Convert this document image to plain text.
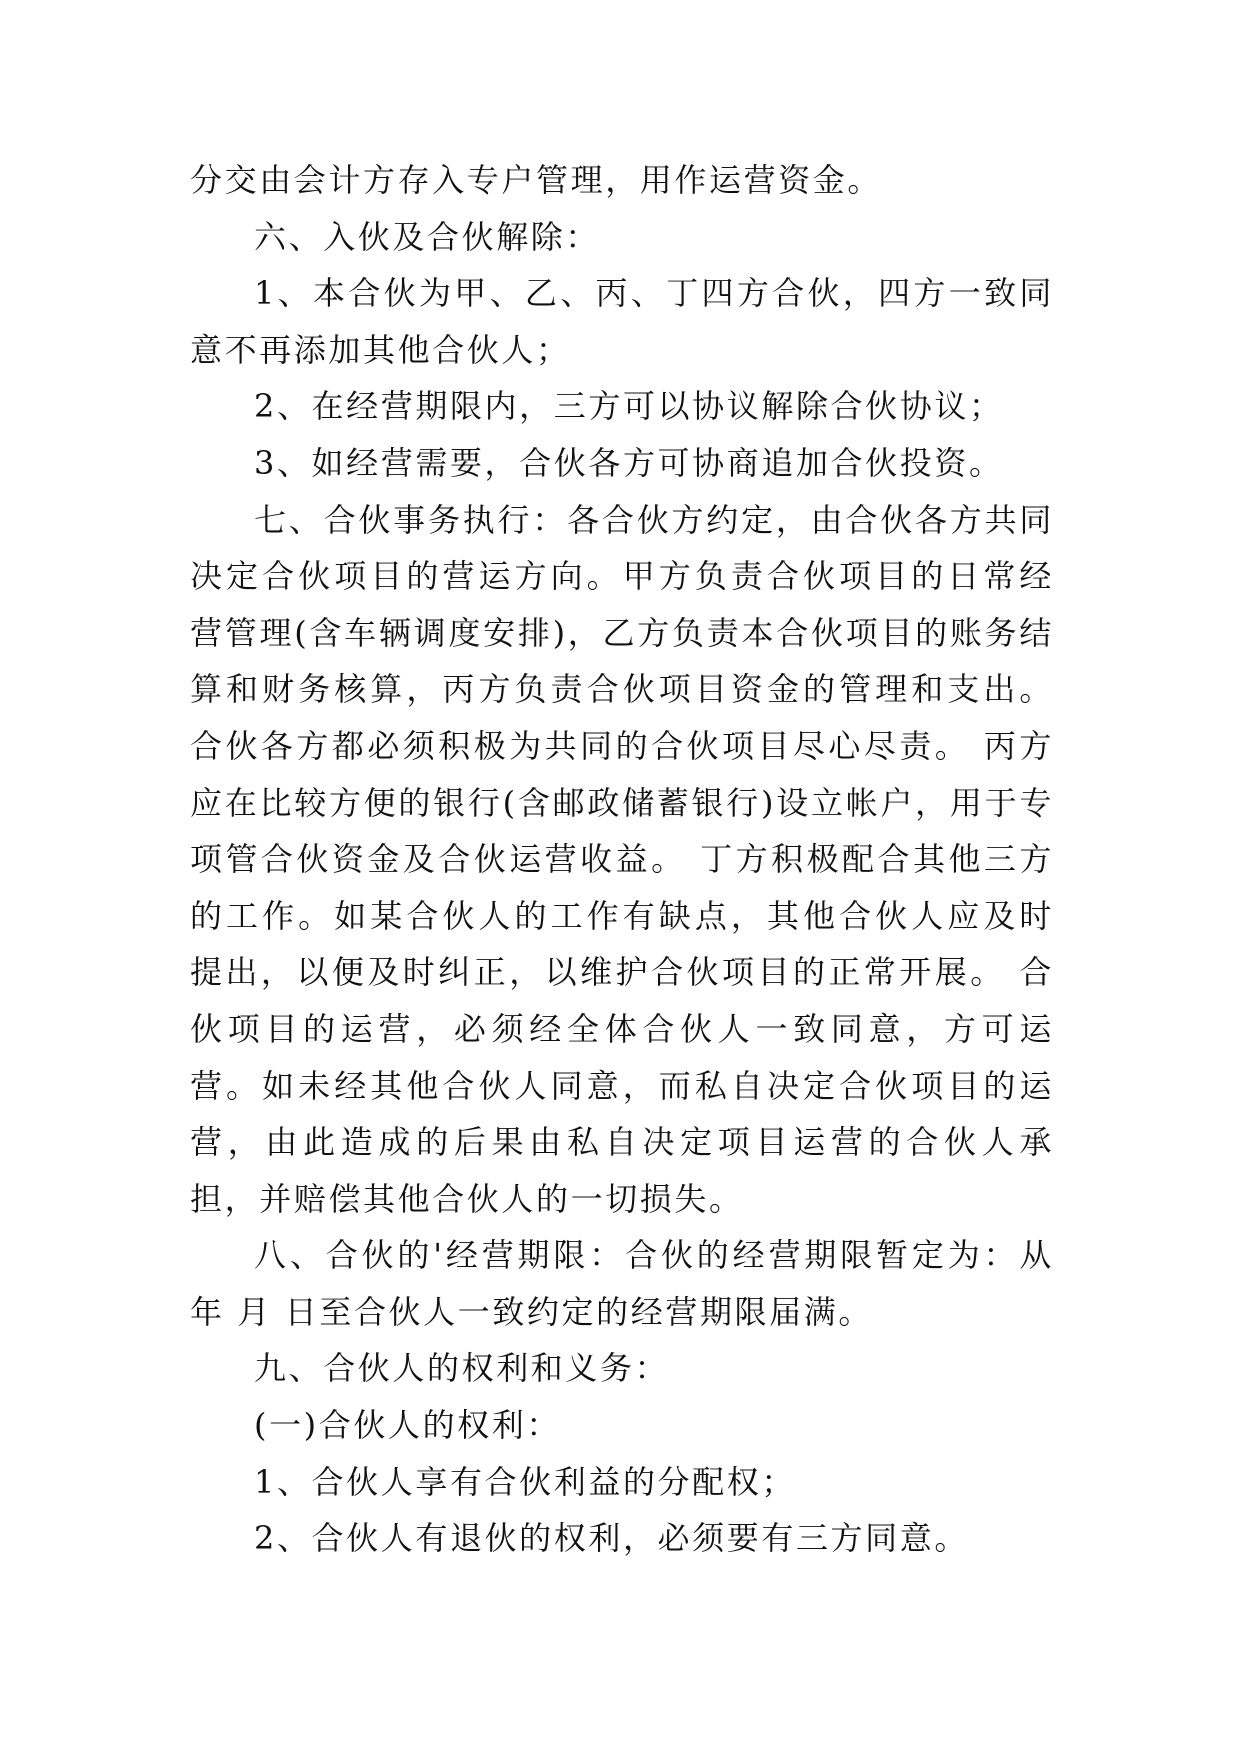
分交由会计方存入专户管理，用作运营资金。

六、入伙及合伙解除：

1、本合伙为甲、乙、丙、丁四方合伙，四方一致同意不再添加其他合伙人；

2、在经营期限内，三方可以协议解除合伙协议；

3、如经营需要，合伙各方可协商追加合伙投资。

七、合伙事务执行：各合伙方约定，由合伙各方共同决定合伙项目的营运方向。甲方负责合伙项目的日常经营管理(含车辆调度安排)，乙方负责本合伙项目的账务结算和财务核算，丙方负责合伙项目资金的管理和支出。合伙各方都必须积极为共同的合伙项目尽心尽责。 丙方应在比较方便的银行(含邮政储蓄银行)设立帐户，用于专项管合伙资金及合伙运营收益。 丁方积极配合其他三方的工作。如某合伙人的工作有缺点，其他合伙人应及时提出，以便及时纠正，以维护合伙项目的正常开展。 合伙项目的运营，必须经全体合伙人一致同意，方可运营。如未经其他合伙人同意，而私自决定合伙项目的运营，由此造成的后果由私自决定项目运营的合伙人承担，并赔偿其他合伙人的一切损失。

八、合伙的'经营期限：合伙的经营期限暂定为：从 年 月 日至合伙人一致约定的经营期限届满。

九、合伙人的权利和义务：

(一)合伙人的权利：

1、合伙人享有合伙利益的分配权；

2、合伙人有退伙的权利，必须要有三方同意。
